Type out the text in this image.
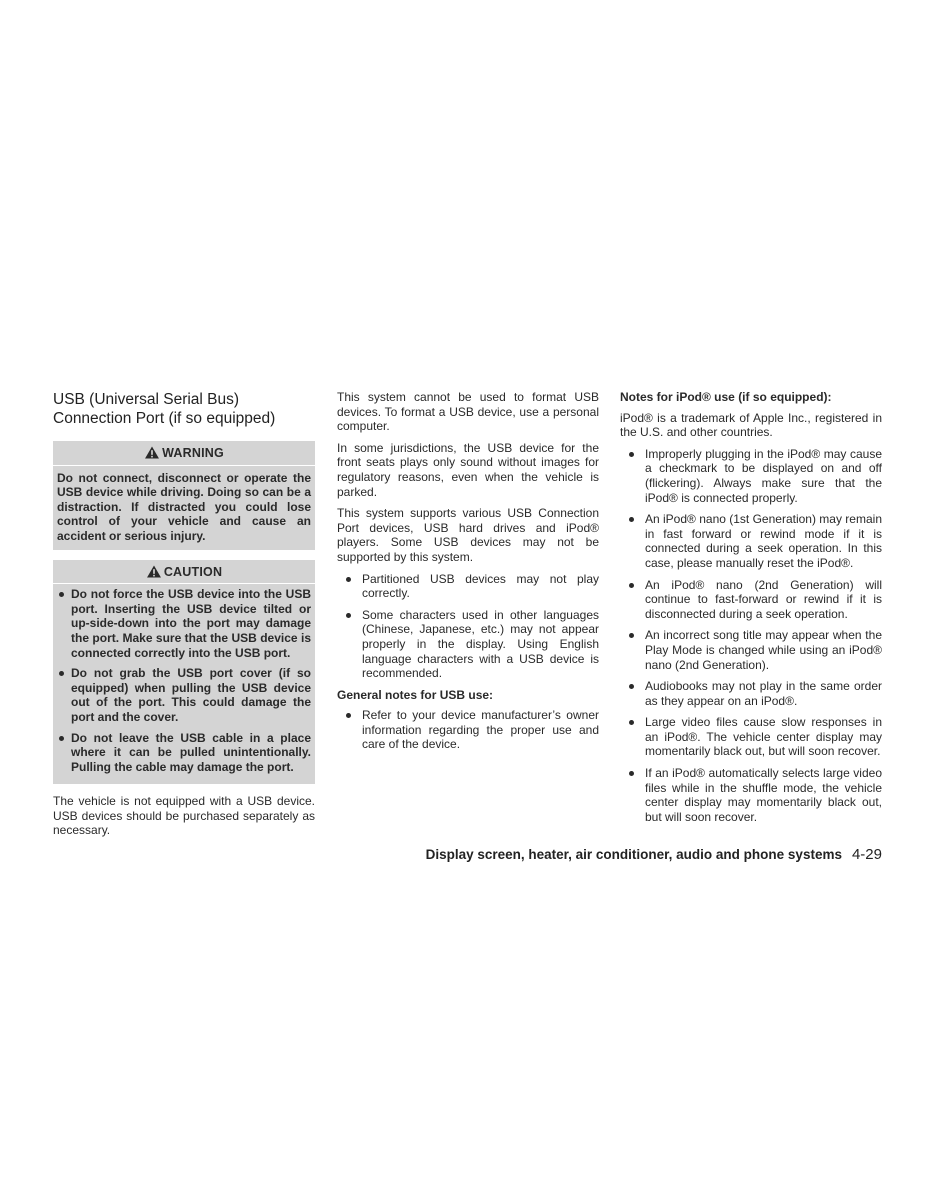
USB (Universal Serial Bus)
Connection Port (if so equipped)
WARNING

Do not connect, disconnect or operate the USB device while driving. Doing so can be a distraction. If distracted you could lose control of your vehicle and cause an accident or serious injury.

CAUTION
Do not force the USB device into the USB port. Inserting the USB device tilted or up-side-down into the port may damage the port. Make sure that the USB device is connected correctly into the USB port.
Do not grab the USB port cover (if so equipped) when pulling the USB device out of the port. This could damage the port and the cover.
Do not leave the USB cable in a place where it can be pulled unintentionally. Pulling the cable may damage the port.

The vehicle is not equipped with a USB device. USB devices should be purchased separately as necessary.

This system cannot be used to format USB devices. To format a USB device, use a personal computer.

In some jurisdictions, the USB device for the front seats plays only sound without images for regulatory reasons, even when the vehicle is parked.

This system supports various USB Connection Port devices, USB hard drives and iPod® players. Some USB devices may not be supported by this system.

Partitioned USB devices may not play correctly.
Some characters used in other languages (Chinese, Japanese, etc.) may not appear properly in the display. Using English language characters with a USB device is recommended.
General notes for USB use:
Refer to your device manufacturer’s owner information regarding the proper use and care of the device.
Notes for iPod® use (if so equipped):

iPod® is a trademark of Apple Inc., registered in the U.S. and other countries.

Improperly plugging in the iPod® may cause a checkmark to be displayed on and off (flickering). Always make sure that the iPod® is connected properly.
An iPod® nano (1st Generation) may remain in fast forward or rewind mode if it is connected during a seek operation. In this case, please manually reset the iPod®.
An iPod® nano (2nd Generation) will continue to fast-forward or rewind if it is disconnected during a seek operation.
An incorrect song title may appear when the Play Mode is changed while using an iPod® nano (2nd Generation).
Audiobooks may not play in the same order as they appear on an iPod®.
Large video files cause slow responses in an iPod®. The vehicle center display may momentarily black out, but will soon recover.
If an iPod® automatically selects large video files while in the shuffle mode, the vehicle center display may momentarily black out, but will soon recover.
Display screen, heater, air conditioner, audio and phone systems 4-29
